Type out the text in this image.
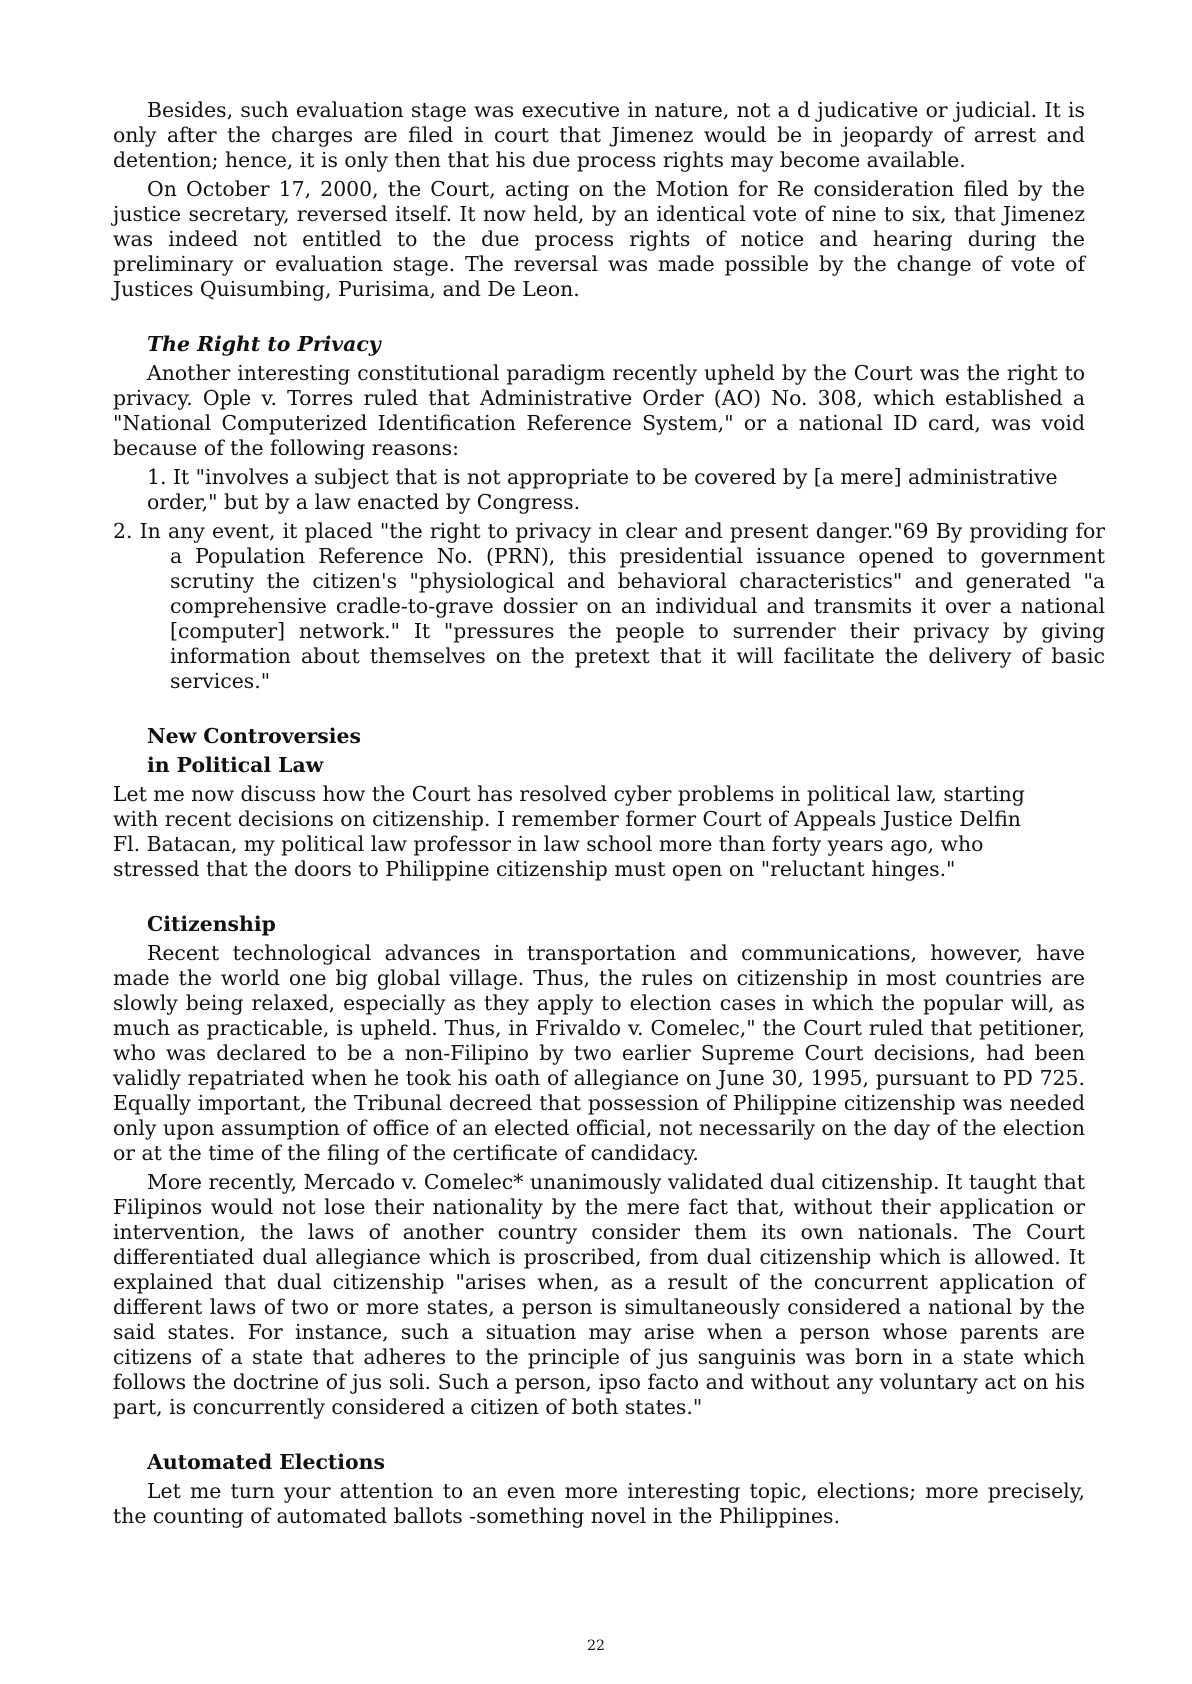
Besides, such evaluation stage was executive in nature, not a d judicative or judicial. It is only after the charges are filed in court that Jimenez would be in jeopardy of arrest and detention; hence, it is only then that his due process rights may become available.

On October 17, 2000, the Court, acting on the Motion for Re consideration filed by the justice secretary, reversed itself. It now held, by an identical vote of nine to six, that Jimenez was indeed not entitled to the due process rights of notice and hearing during the preliminary or evaluation stage. The reversal was made possible by the change of vote of Justices Quisumbing, Purisima, and De Leon.

The Right to Privacy

Another interesting constitutional paradigm recently upheld by the Court was the right to privacy. Ople v. Torres ruled that Administrative Order (AO) No. 308, which established a "National Computerized Identification Reference System," or a national ID card, was void because of the following reasons:

1. It "involves a subject that is not appropriate to be covered by [a mere] administrative order," but by a law enacted by Congress.

2. In any event, it placed "the right to privacy in clear and present danger."69 By providing for a Population Reference No. (PRN), this presidential issuance opened to government scrutiny the citizen's "physiological and behavioral characteristics" and generated "a comprehensive cradle-to-grave dossier on an individual and transmits it over a national [computer] network." It "pressures the people to surrender their privacy by giving information about themselves on the pretext that it will facilitate the delivery of basic services."

New Controversies

in Political Law

Let me now discuss how the Court has resolved cyber problems in political law, starting with recent decisions on citizenship. I remember former Court of Appeals Justice Delfin Fl. Batacan, my political law professor in law school more than forty years ago, who stressed that the doors to Philippine citizenship must open on "reluctant hinges."

Citizenship

Recent technological advances in transportation and communications, however, have made the world one big global village. Thus, the rules on citizenship in most countries are slowly being relaxed, especially as they apply to election cases in which the popular will, as much as practicable, is upheld. Thus, in Frivaldo v. Comelec," the Court ruled that petitioner, who was declared to be a non-Filipino by two earlier Supreme Court decisions, had been validly repatriated when he took his oath of allegiance on June 30, 1995, pursuant to PD 725. Equally important, the Tribunal decreed that possession of Philippine citizenship was needed only upon assumption of office of an elected official, not necessarily on the day of the election or at the time of the filing of the certificate of candidacy.

More recently, Mercado v. Comelec* unanimously validated dual citizenship. It taught that Filipinos would not lose their nationality by the mere fact that, without their application or intervention, the laws of another country consider them its own nationals. The Court differentiated dual allegiance which is proscribed, from dual citizenship which is allowed. It explained that dual citizenship "arises when, as a result of the concurrent application of different laws of two or more states, a person is simultaneously considered a national by the said states. For instance, such a situation may arise when a person whose parents are citizens of a state that adheres to the principle of jus sanguinis was born in a state which follows the doctrine of jus soli. Such a person, ipso facto and without any voluntary act on his part, is concurrently considered a citizen of both states."

Automated Elections

Let me turn your attention to an even more interesting topic, elections; more precisely, the counting of automated ballots -something novel in the Philippines.

22
